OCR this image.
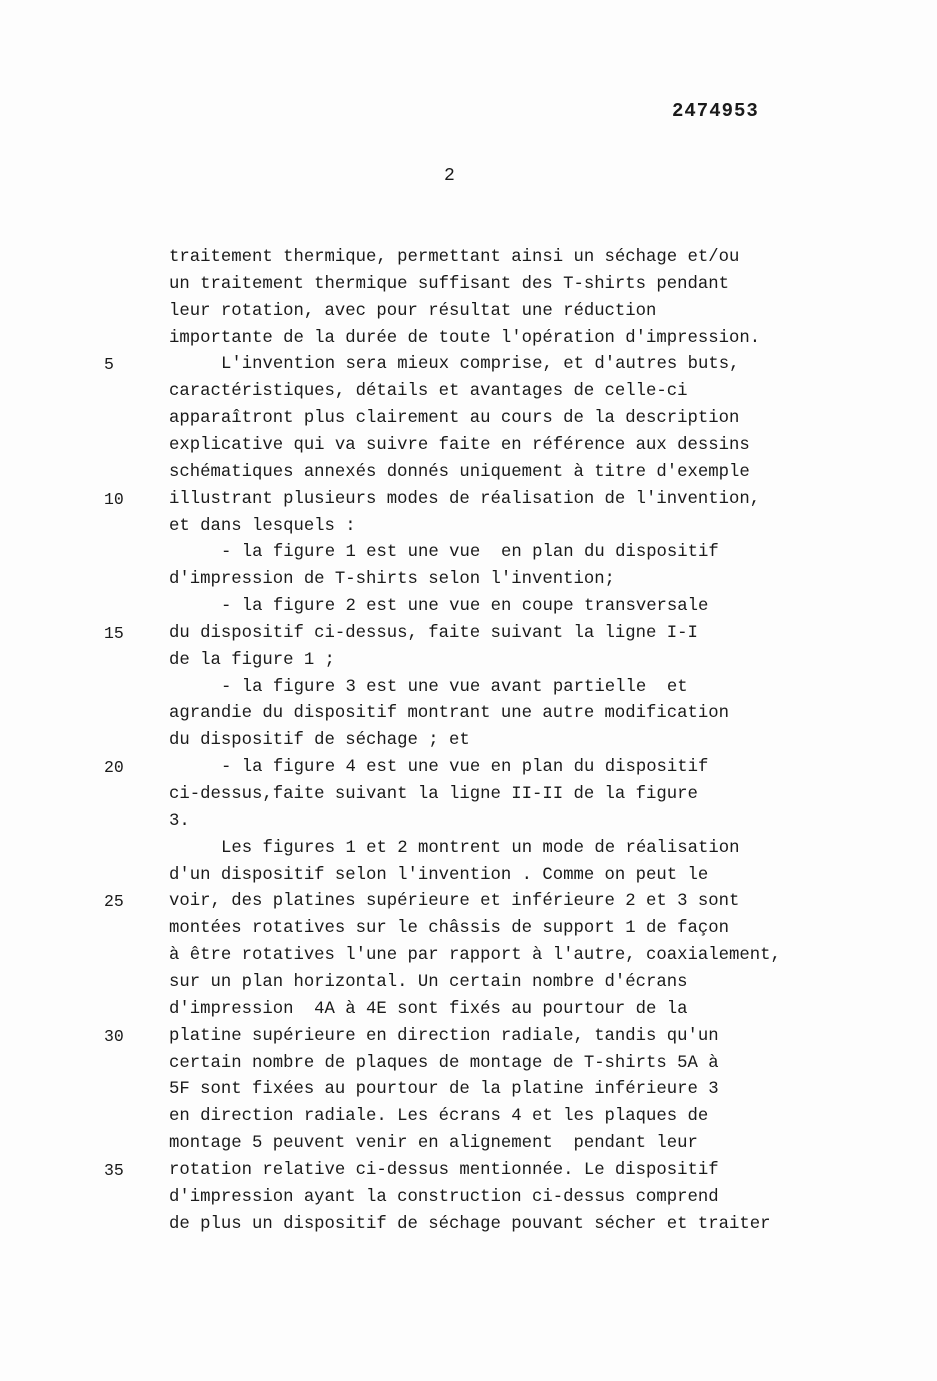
2474953
2
traitement thermique, permettant ainsi un séchage et/ou
un traitement thermique suffisant des T-shirts pendant
leur rotation, avec pour résultat une réduction
importante de la durée de toute l'opération d'impression.
5	L'invention sera mieux comprise, et d'autres buts,
caractéristiques, détails et avantages de celle-ci
apparaîtront plus clairement au cours de la description
explicative qui va suivre faite en référence aux dessins
schématiques annexés donnés uniquement à titre d'exemple
10	illustrant plusieurs modes de réalisation de l'invention,
et dans lesquels :
- la figure 1 est une vue  en plan du dispositif
d'impression de T-shirts selon l'invention;
- la figure 2 est une vue en coupe transversale
15	du dispositif ci-dessus, faite suivant la ligne I-I
de la figure 1 ;
- la figure 3 est une vue avant partielle  et
agrandie du dispositif montrant une autre modification
du dispositif de séchage ; et
20	- la figure 4 est une vue en plan du dispositif
ci-dessus,faite suivant la ligne II-II de la figure
3.
Les figures 1 et 2 montrent un mode de réalisation
d'un dispositif selon l'invention . Comme on peut le
25	voir, des platines supérieure et inférieure 2 et 3 sont
montées rotatives sur le châssis de support 1 de façon
à être rotatives l'une par rapport à l'autre, coaxialement,
sur un plan horizontal. Un certain nombre d'écrans
d'impression  4A à 4E sont fixés au pourtour de la
30	platine supérieure en direction radiale, tandis qu'un
certain nombre de plaques de montage de T-shirts 5A à
5F sont fixées au pourtour de la platine inférieure 3
en direction radiale. Les écrans 4 et les plaques de
montage 5 peuvent venir en alignement  pendant leur
35	rotation relative ci-dessus mentionnée. Le dispositif
d'impression ayant la construction ci-dessus comprend
de plus un dispositif de séchage pouvant sécher et traiter
